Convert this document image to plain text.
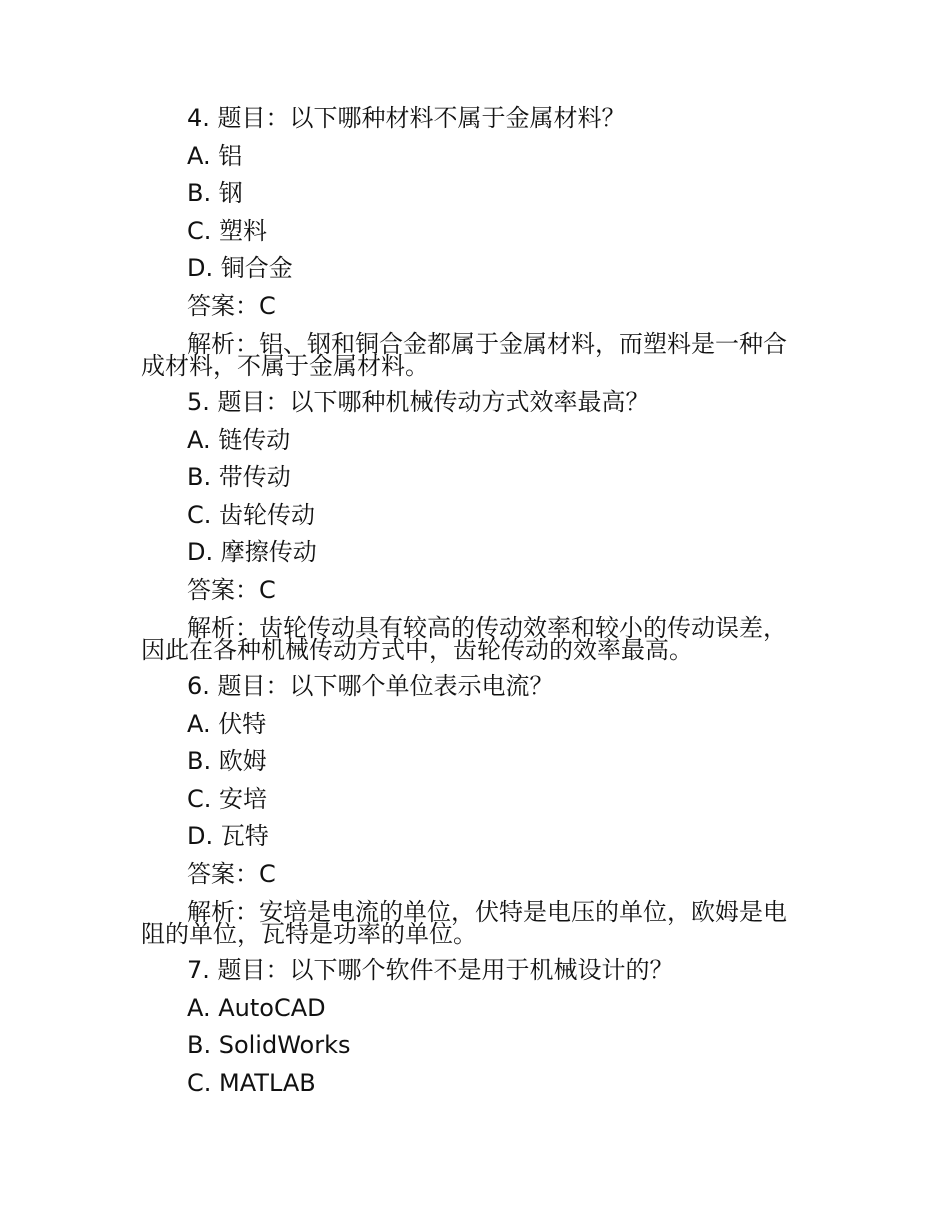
4. 题目：以下哪种材料不属于金属材料？
A. 铝
B. 钢
C. 塑料
D. 铜合金
答案：C
解析：铝、钢和铜合金都属于金属材料，而塑料是一种合成材料，不属于金属材料。
5. 题目：以下哪种机械传动方式效率最高？
A. 链传动
B. 带传动
C. 齿轮传动
D. 摩擦传动
答案：C
解析：齿轮传动具有较高的传动效率和较小的传动误差，因此在各种机械传动方式中，齿轮传动的效率最高。
6. 题目：以下哪个单位表示电流？
A. 伏特
B. 欧姆
C. 安培
D. 瓦特
答案：C
解析：安培是电流的单位，伏特是电压的单位，欧姆是电阻的单位，瓦特是功率的单位。
7. 题目：以下哪个软件不是用于机械设计的？
A. AutoCAD
B. SolidWorks
C. MATLAB
